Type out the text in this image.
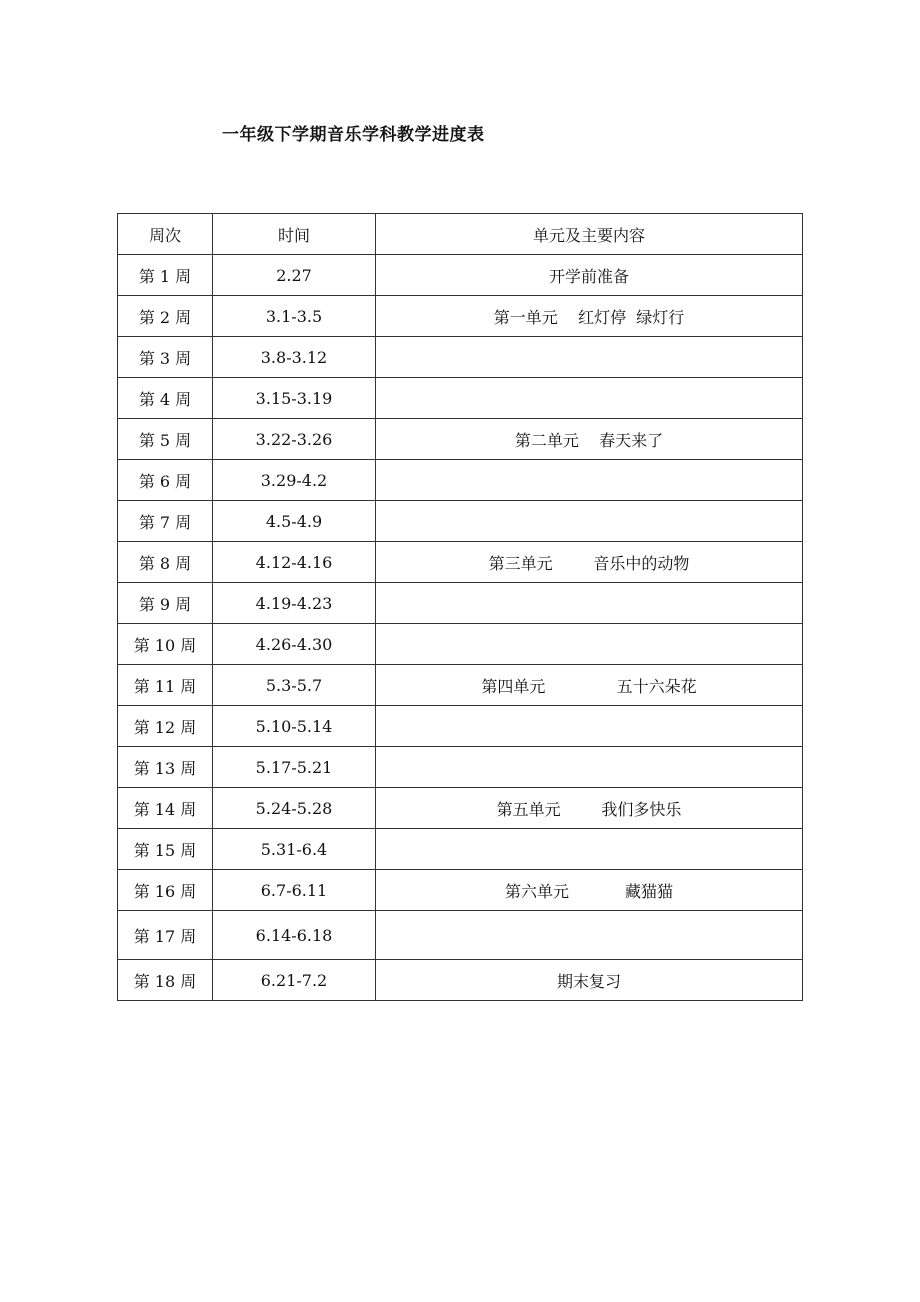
一年级下学期音乐学科教学进度表
周次	时间	单元及主要内容
第 1 周	2.27	开学前准备
第 2 周	3.1-3.5	第一单元    红灯停  绿灯行
第 3 周	3.8-3.12	
第 4 周	3.15-3.19	
第 5 周	3.22-3.26	第二单元    春天来了
第 6 周	3.29-4.2	
第 7 周	4.5-4.9	
第 8 周	4.12-4.16	第三单元        音乐中的动物
第 9 周	4.19-4.23	
第 10 周	4.26-4.30	
第 11 周	5.3-5.7	第四单元              五十六朵花
第 12 周	5.10-5.14	
第 13 周	5.17-5.21	
第 14 周	5.24-5.28	第五单元        我们多快乐
第 15 周	5.31-6.4	
第 16 周	6.7-6.11	第六单元           藏猫猫
第 17 周	6.14-6.18	
第 18 周	6.21-7.2	期末复习
